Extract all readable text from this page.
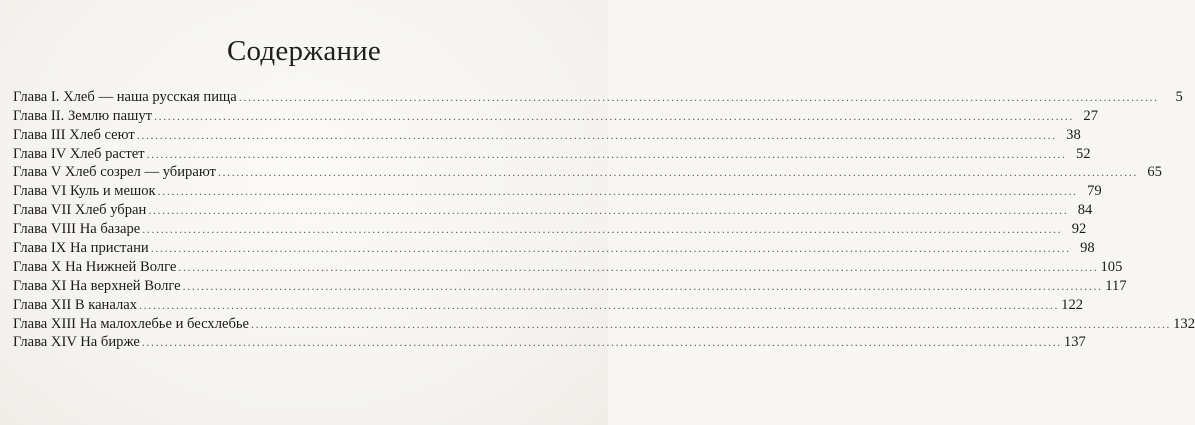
Содержание
Глава I. Хлеб — наша русская пища ........................................................................................................................................................................................................	5
Глава II. Землю пашут ........................................................................................................................................................................................................ 27
Глава III Хлеб сеют ........................................................................................................................................................................................................ 38
Глава IV Хлеб растет ........................................................................................................................................................................................................ 52
Глава V Хлеб созрел — убирают ........................................................................................................................................................................................................ 65
Глава VI Куль и мешок ........................................................................................................................................................................................................ 79
Глава VII Хлеб убран ........................................................................................................................................................................................................ 84
Глава VIII На базаре ........................................................................................................................................................................................................ 92
Глава IX На пристани ........................................................................................................................................................................................................ 98
Глава X На Нижней Волге ........................................................................................................................................................................................................ 105
Глава XI На верхней Волге ........................................................................................................................................................................................................ 117
Глава XII В каналах ........................................................................................................................................................................................................ 122
Глава XIII На малохлебье и бесхлебье ........................................................................................................................................................................................................ 132
Глава XIV На бирже ........................................................................................................................................................................................................ 137
